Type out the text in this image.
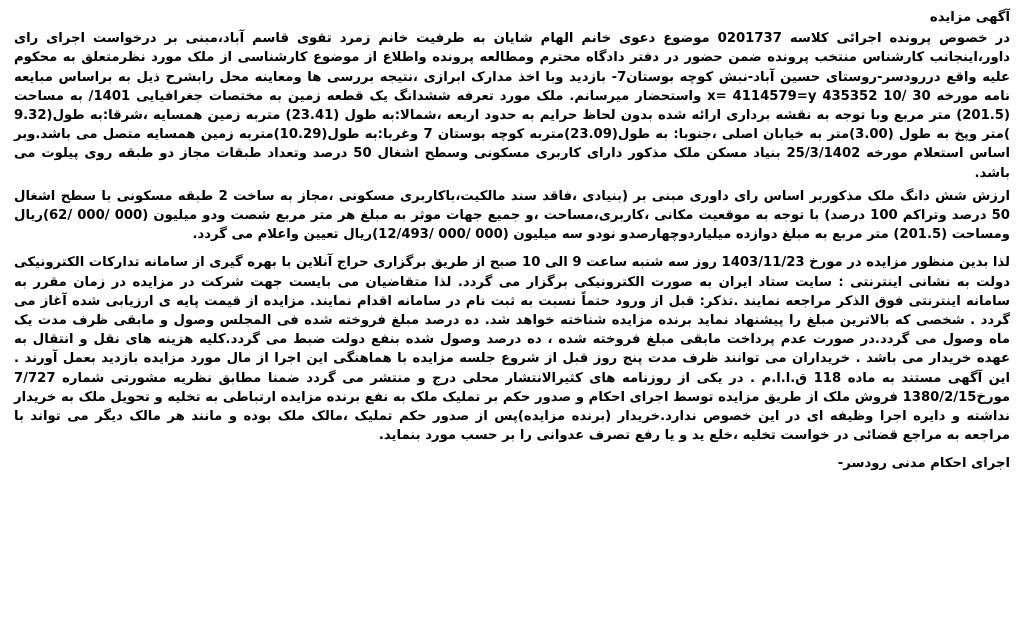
آگهی مزایده

در خصوص پرونده اجرائی کلاسه 0201737 موضوع دعوی خانم الهام شایان به طرفیت خانم زمرد تقوی قاسم آباد،مبنی بر درخواست اجرای رای داور،اینجانب کارشناس منتخب پرونده ضمن حضور در دفتر دادگاه محترم ومطالعه پرونده واطلاع از موضوع کارشناسی از ملک مورد نظرمتعلق به محکوم علیه واقع دررودسر-روستای حسین آباد-نبش کوچه بوستان7- بازدید وبا اخذ مدارک ابرازی ،نتیجه بررسی ها ومعاینه محل رابشرح ذیل به براساس مبایعه نامه مورخه 30 /10 435352 x= 4114579=y واستحضار میرسانم. ملک مورد تعرفه ششدانگ یک قطعه زمین به مختصات جغرافیایی 1401/ به مساحت (201.5) متر مربع وبا توجه به نقشه برداری ارائه شده بدون لحاظ حرایم به حدود اربعه ،شمالا:به طول (23.41) متربه زمین همسایه ،شرقا:به طول(9.32 )متر وپخ به طول (3.00)متر به خیابان اصلی ،جنوبا: به طول(23.09)متربه کوچه بوستان 7 وغربا:به طول(10.29)متربه زمین همسایه متصل می باشد.وبر اساس استعلام مورخه 25/3/1402 بنیاد مسکن ملک مذکور دارای کاربری مسکونی وسطح اشغال 50 درصد وتعداد طبقات مجاز دو طبقه روی پیلوت می باشد.

ارزش شش دانگ ملک مذکوربر اساس رای داوری مبنی بر (بنیادی ،فاقد سند مالکیت،باکاربری مسکونی ،مجاز به ساخت 2 طبقه مسکونی با سطح اشغال 50 درصد وتراکم 100 درصد) با توجه به موقعیت مکانی ،کاربری،مساحت ،و جمیع جهات موثر به مبلغ هر متر مربع شصت ودو میلیون (000 /000 /62)ریال ومساحت (201.5) متر مربع به مبلغ دوازده میلیاردوچهارصدو نودو سه میلیون (000 /000 /12/493)ریال تعیین واعلام می گردد.

لذا بدین منظور مزایده در مورخ 1403/11/23 روز سه شنبه ساعت 9 الی 10 صبح از طریق برگزاری حراج آنلاین با بهره گیری از سامانه تدارکات الکترونیکی دولت به نشانی اینترنتی : سایت ستاد ایران به صورت الکترونیکی برگزار می گردد. لذا متقاضیان می بایست جهت شرکت در مزایده در زمان مقرر به سامانه اینترنتی فوق الذکر مراجعه نمایند .تذکر: قبل از ورود حتماً نسبت به ثبت نام در سامانه اقدام نمایند. مزایده از قیمت پایه ی ارزیابی شده آغاز می گردد . شخصی که بالاترین مبلغ را پیشنهاد نماید برنده مزایده شناخته خواهد شد. ده درصد مبلغ فروخته شده فی المجلس وصول و مابقی ظرف مدت یک ماه وصول می گردد.در صورت عدم پرداخت مابقی مبلغ فروخته شده ، ده درصد وصول شده بنفع دولت ضبط می گردد.کلیه هزینه های نقل و انتقال به عهده خریدار می باشد . خریداران می توانند ظرف مدت پنج روز قبل از شروع جلسه مزایده با هماهنگی این اجرا از مال مورد مزایده بازدید بعمل آورند . این آگهی مستند به ماده 118 ق.ا.ا.م . در یکی از روزنامه های کثیرالانتشار محلی درج و منتشر می گردد ضمنا مطابق نظریه مشورتی شماره 7/727 مورخ1380/2/15 فروش ملک از طریق مزایده توسط اجرای احکام و صدور حکم بر تملیک ملک به نفع برنده مزایده ارتباطی به تخلیه و تحویل ملک به خریدار نداشته و دایره اجرا وظیفه ای در این خصوص ندارد.خریدار (برنده مزایده)پس از صدور حکم تملیک ،مالک ملک بوده و مانند هر مالک دیگر می تواند با مراجعه به مراجع قضائی در خواست تخلیه ،خلع ید و یا رفع تصرف عدوانی را بر حسب مورد بنماید.

اجرای احکام مدنی رودسر-
